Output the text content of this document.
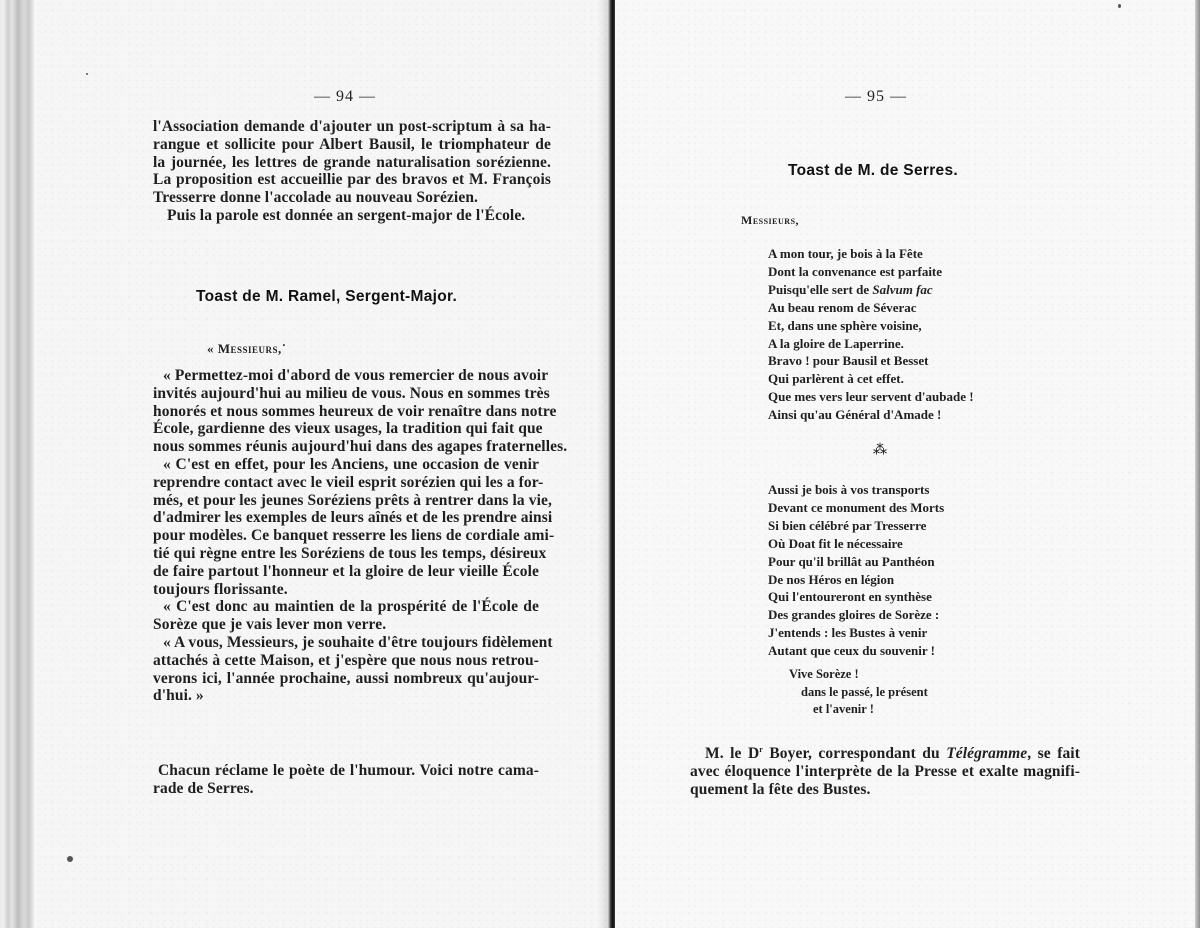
— 94 —
l'Association demande d'ajouter un post-scriptum à sa ha-
rangue et sollicite pour Albert Bausil, le triomphateur de
la journée, les lettres de grande naturalisation sorézienne.
La proposition est accueillie par des bravos et M. François
Tresserre donne l'accolade au nouveau Sorézien.
Puis la parole est donnée an sergent-major de l'École.
Toast de M. Ramel, Sergent-Major.
« Messieurs,˙
« Permettez-moi d'abord de vous remercier de nous avoir
invités aujourd'hui au milieu de vous. Nous en sommes très
honorés et nous sommes heureux de voir renaître dans notre
École, gardienne des vieux usages, la tradition qui fait que
nous sommes réunis aujourd'hui dans des agapes fraternelles.
« C'est en effet, pour les Anciens, une occasion de venir
reprendre contact avec le vieil esprit sorézien qui les a for-
més, et pour les jeunes Soréziens prêts à rentrer dans la vie,
d'admirer les exemples de leurs aînés et de les prendre ainsi
pour modèles. Ce banquet resserre les liens de cordiale ami-
tié qui règne entre les Soréziens de tous les temps, désireux
de faire partout l'honneur et la gloire de leur vieille École
toujours florissante.
« C'est donc au maintien de la prospérité de l'École de
Sorèze que je vais lever mon verre.
« A vous, Messieurs, je souhaite d'être toujours fidèlement
attachés à cette Maison, et j'espère que nous nous retrou-
verons ici, l'année prochaine, aussi nombreux qu'aujour-
d'hui. »
Chacun réclame le poète de l'humour. Voici notre cama-
rade de Serres.
— 95 —
Toast de M. de Serres.
Messieurs,
A mon tour, je bois à la Fête
Dont la convenance est parfaite
Puisqu'elle sert de Salvum fac
Au beau renom de Séverac
Et, dans une sphère voisine,
A la gloire de Laperrine.
Bravo ! pour Bausil et Besset
Qui parlèrent à cet effet.
Que mes vers leur servent d'aubade !
Ainsi qu'au Général d'Amade !
⁂
Aussi je bois à vos transports
Devant ce monument des Morts
Si bien célébré par Tresserre
Où Doat fit le nécessaire
Pour qu'il brillât au Panthéon
De nos Héros en légion
Qui l'entoureront en synthèse
Des grandes gloires de Sorèze :
J'entends : les Bustes à venir
Autant que ceux du souvenir !
Vive Sorèze !
dans le passé, le présent
et l'avenir !
M. le $D^r$ Boyer, correspondant du Télégramme, se fait
avec éloquence l'interprète de la Presse et exalte magnifi-
quement la fête des Bustes.
